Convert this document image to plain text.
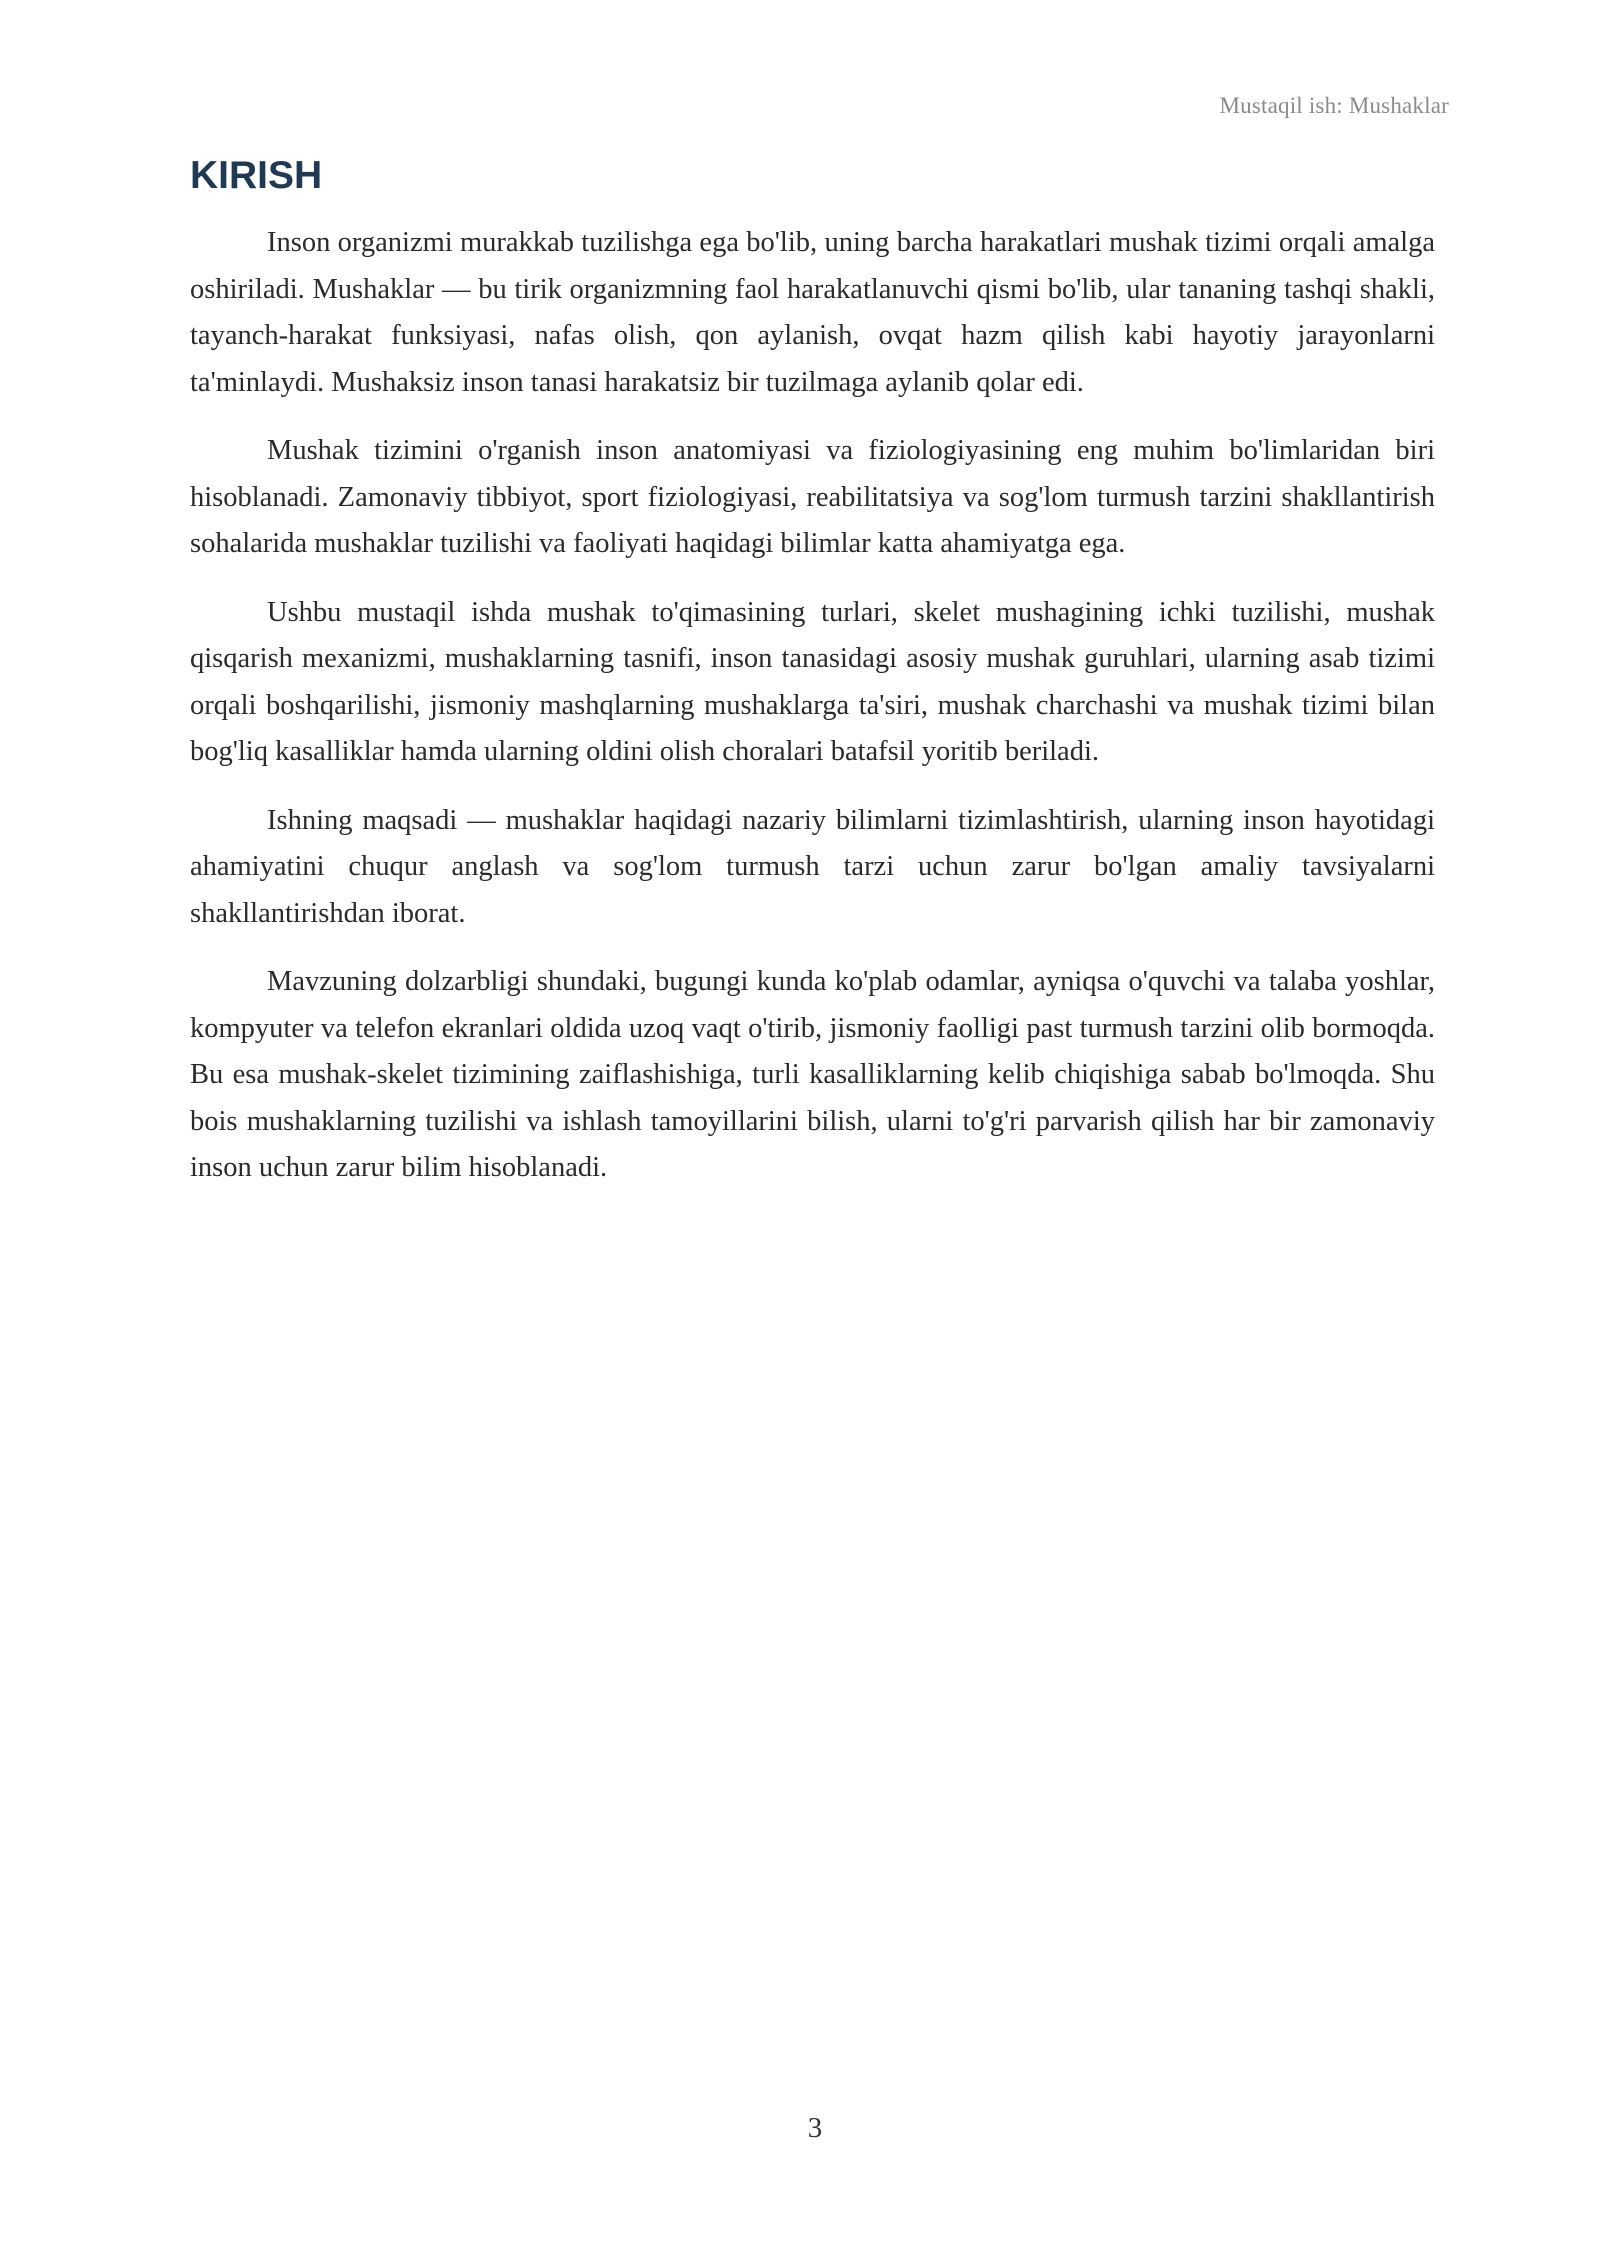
Mustaqil ish: Mushaklar
KIRISH

Inson organizmi murakkab tuzilishga ega bo'lib, uning barcha harakatlari mushak tizimi orqali amalga oshiriladi. Mushaklar — bu tirik organizmning faol harakatlanuvchi qismi bo'lib, ular tananing tashqi shakli, tayanch-harakat funksiyasi, nafas olish, qon aylanish, ovqat hazm qilish kabi hayotiy jarayonlarni ta'minlaydi. Mushaksiz inson tanasi harakatsiz bir tuzilmaga aylanib qolar edi.

Mushak tizimini o'rganish inson anatomiyasi va fiziologiyasining eng muhim bo'limlaridan biri hisoblanadi. Zamonaviy tibbiyot, sport fiziologiyasi, reabilitatsiya va sog'lom turmush tarzini shakllantirish sohalarida mushaklar tuzilishi va faoliyati haqidagi bilimlar katta ahamiyatga ega.

Ushbu mustaqil ishda mushak to'qimasining turlari, skelet mushagining ichki tuzilishi, mushak qisqarish mexanizmi, mushaklarning tasnifi, inson tanasidagi asosiy mushak guruhlari, ularning asab tizimi orqali boshqarilishi, jismoniy mashqlarning mushaklarga ta'siri, mushak charchashi va mushak tizimi bilan bog'liq kasalliklar hamda ularning oldini olish choralari batafsil yoritib beriladi.

Ishning maqsadi — mushaklar haqidagi nazariy bilimlarni tizimlashtirish, ularning inson hayotidagi ahamiyatini chuqur anglash va sog'lom turmush tarzi uchun zarur bo'lgan amaliy tavsiyalarni shakllantirishdan iborat.

Mavzuning dolzarbligi shundaki, bugungi kunda ko'plab odamlar, ayniqsa o'quvchi va talaba yoshlar, kompyuter va telefon ekranlari oldida uzoq vaqt o'tirib, jismoniy faolligi past turmush tarzini olib bormoqda. Bu esa mushak-skelet tizimining zaiflashishiga, turli kasalliklarning kelib chiqishiga sabab bo'lmoqda. Shu bois mushaklarning tuzilishi va ishlash tamoyillarini bilish, ularni to'g'ri parvarish qilish har bir zamonaviy inson uchun zarur bilim hisoblanadi.

3
